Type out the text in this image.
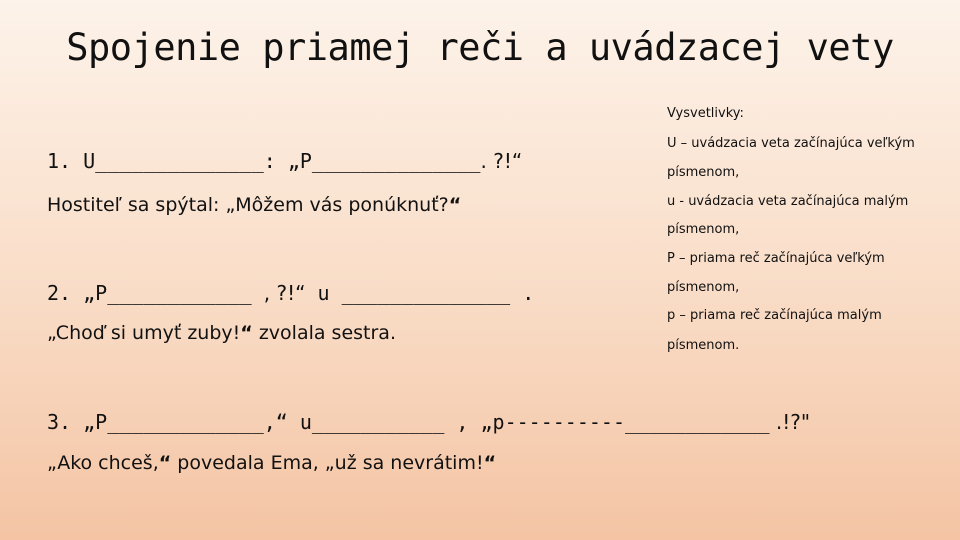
Spojenie priamej reči a uvádzacej vety
Vysvetlivky:
U – uvádzacia veta začínajúca veľkým
písmenom,
u - uvádzacia veta začínajúca malým
písmenom,
P – priama reč začínajúca veľkým
písmenom,
p – priama reč začínajúca malým
písmenom.
1. U______________: „P______________. ?!“
Hostiteľ sa spýtal: „Môžem vás ponúknuť?“
2. „P____________ , ?!“ u ______________ .
„Choď si umyť zuby!“ zvolala sestra.
3. „P_____________,“ u___________ , „p----------____________ .!?"
„Ako chceš,“ povedala Ema, „už sa nevrátim!“
